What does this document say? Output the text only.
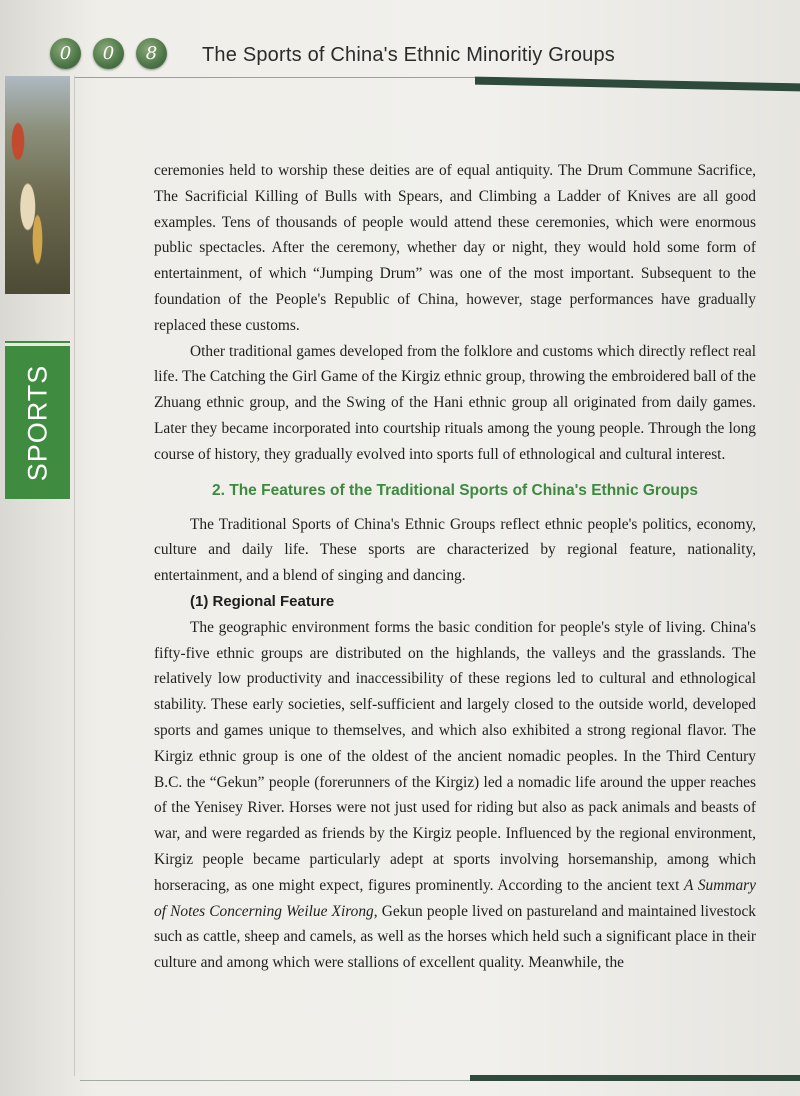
0	0	8	The Sports of China's Ethnic Minoritiy Groups
SPORTS

ceremonies held to worship these deities are of equal antiquity. The Drum Commune Sacrifice, The Sacrificial Killing of Bulls with Spears, and Climbing a Ladder of Knives are all good examples. Tens of thousands of people would attend these ceremonies, which were enormous public spectacles. After the ceremony, whether day or night, they would hold some form of entertainment, of which “Jumping Drum” was one of the most important. Subsequent to the foundation of the People's Republic of China, however, stage performances have gradually replaced these customs.

Other traditional games developed from the folklore and customs which directly reflect real life. The Catching the Girl Game of the Kirgiz ethnic group, throwing the embroidered ball of the Zhuang ethnic group, and the Swing of the Hani ethnic group all originated from daily games. Later they became incorporated into courtship rituals among the young people. Through the long course of history, they gradually evolved into sports full of ethnological and cultural interest.

2. The Features of the Traditional Sports of China's Ethnic Groups

The Traditional Sports of China's Ethnic Groups reflect ethnic people's politics, economy, culture and daily life. These sports are characterized by regional feature, nationality, entertainment, and a blend of singing and dancing.

(1) Regional Feature

The geographic environment forms the basic condition for people's style of living. China's fifty-five ethnic groups are distributed on the highlands, the valleys and the grasslands. The relatively low productivity and inaccessibility of these regions led to cultural and ethnological stability. These early societies, self-sufficient and largely closed to the outside world, developed sports and games unique to themselves, and which also exhibited a strong regional flavor. The Kirgiz ethnic group is one of the oldest of the ancient nomadic peoples. In the Third Century B.C. the “Gekun” people (forerunners of the Kirgiz) led a nomadic life around the upper reaches of the Yenisey River. Horses were not just used for riding but also as pack animals and beasts of war, and were regarded as friends by the Kirgiz people. Influenced by the regional environment, Kirgiz people became particularly adept at sports involving horsemanship, among which horseracing, as one might expect, figures prominently. According to the ancient text A Summary of Notes Concerning Weilue Xirong, Gekun people lived on pastureland and maintained livestock such as cattle, sheep and camels, as well as the horses which held such a significant place in their culture and among which were stallions of excellent quality. Meanwhile, the
